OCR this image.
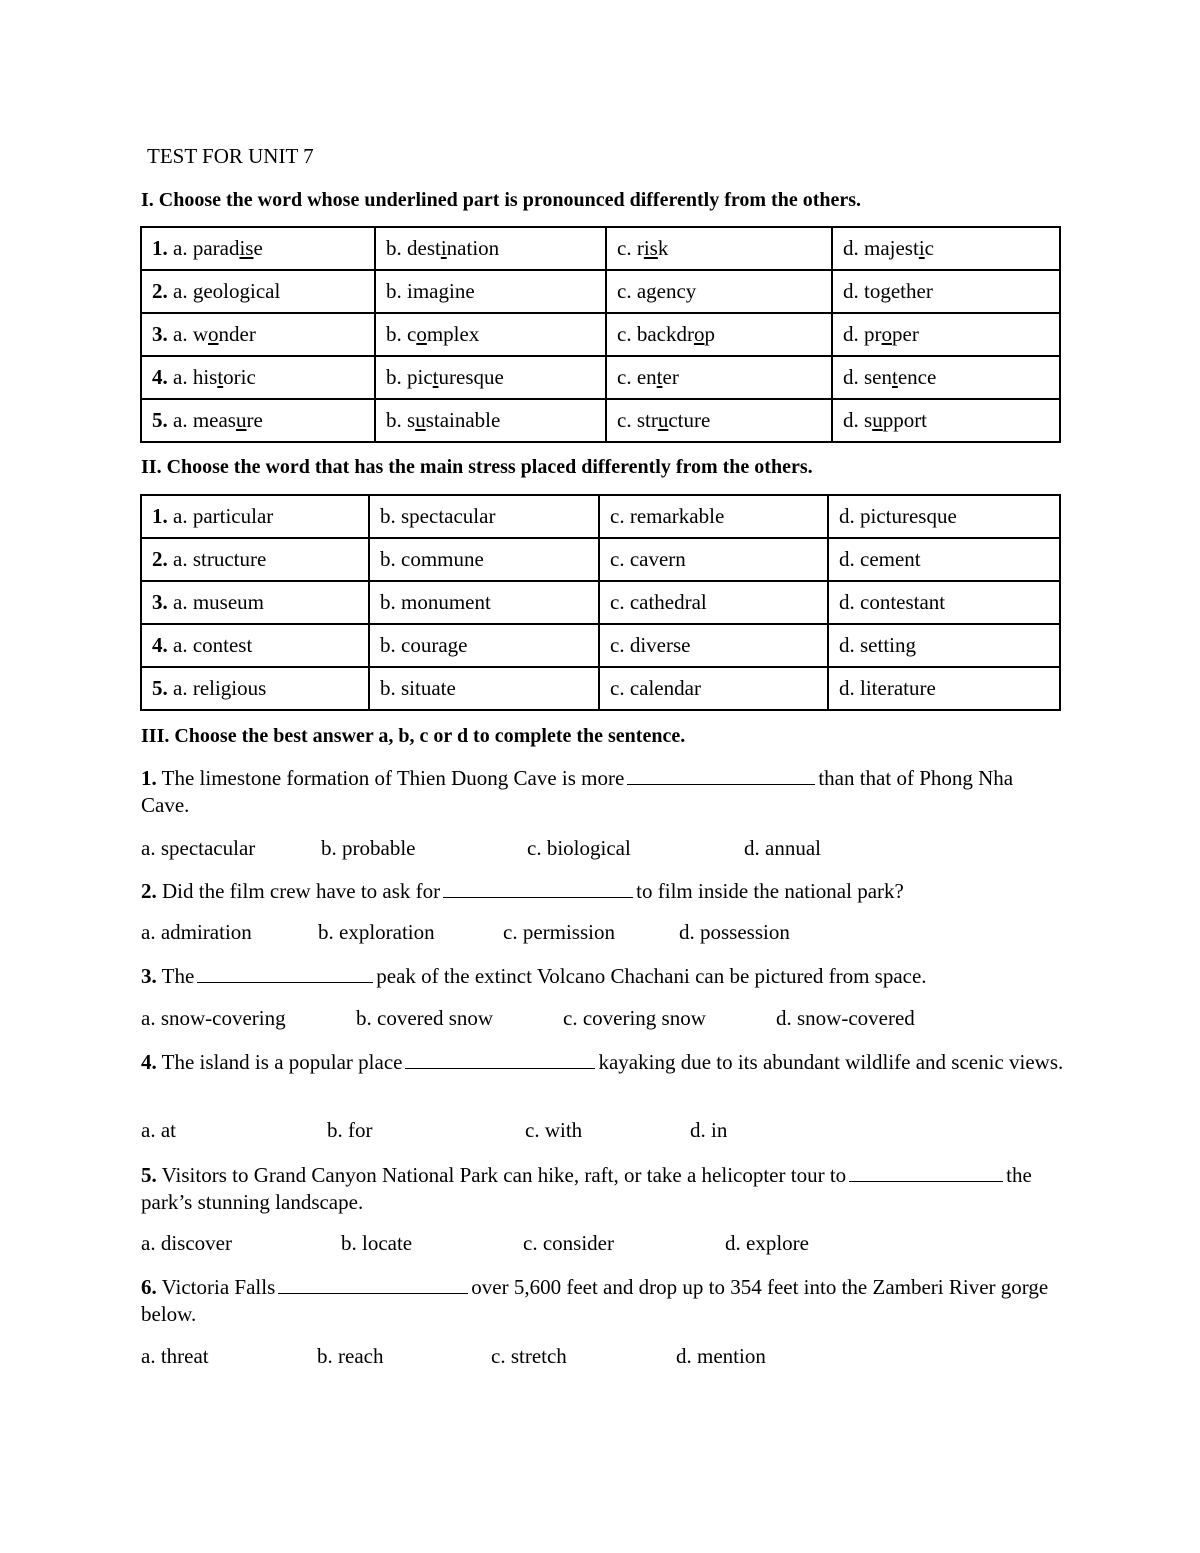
TEST FOR UNIT 7
I. Choose the word whose underlined part is pronounced differently from the others.
1. a. paradise	b. destination	c. risk	d. majestic
2. a. geological	b. imagine	c. agency	d. together
3. a. wonder	b. complex	c. backdrop	d. proper
4. a. historic	b. picturesque	c. enter	d. sentence
5. a. measure	b. sustainable	c. structure	d. support
II. Choose the word that has the main stress placed differently from the others.
1. a. particular	b. spectacular	c. remarkable	d. picturesque
2. a. structure	b. commune	c. cavern	d. cement
3. a. museum	b. monument	c. cathedral	d. contestant
4. a. contest	b. courage	c. diverse	d. setting
5. a. religious	b. situate	c. calendar	d. literature
III. Choose the best answer a, b, c or d to complete the sentence.
1. The limestone formation of Thien Duong Cave is more	than that of Phong Nha Cave.
a. spectacular	b. probable	c. biological	d. annual
2. Did the film crew have to ask for	to film inside the national park?
a. admiration	b. exploration	c. permission	d. possession
3. The	peak of the extinct Volcano Chachani can be pictured from space.
a. snow-covering	b. covered snow	c. covering snow	d. snow-covered
4. The island is a popular place	kayaking due to its abundant wildlife and scenic views.
a. at	b. for	c. with	d. in
5. Visitors to Grand Canyon National Park can hike, raft, or take a helicopter tour to	the park’s stunning landscape.
a. discover	b. locate	c. consider	d. explore
6. Victoria Falls	over 5,600 feet and drop up to 354 feet into the Zamberi River gorge below.
a. threat	b. reach	c. stretch	d. mention
